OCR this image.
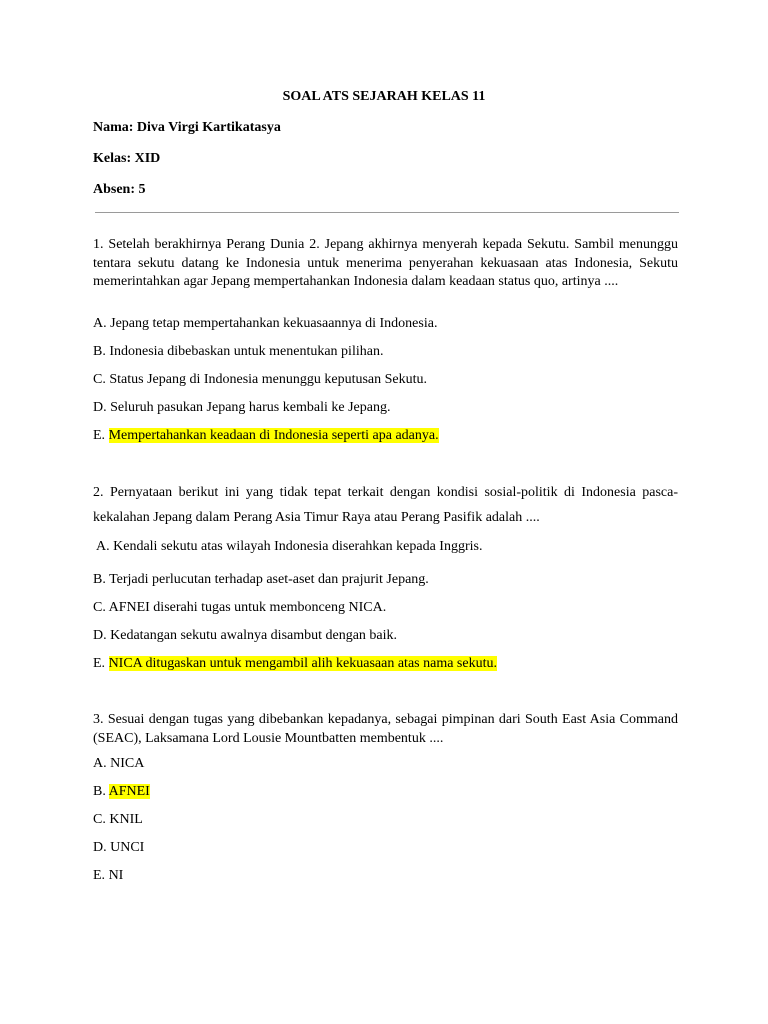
SOAL ATS SEJARAH KELAS 11
Nama: Diva Virgi Kartikatasya
Kelas: XID
Absen: 5
1. Setelah berakhirnya Perang Dunia 2. Jepang akhirnya menyerah kepada Sekutu. Sambil menunggu tentara sekutu datang ke Indonesia untuk menerima penyerahan kekuasaan atas Indonesia, Sekutu memerintahkan agar Jepang mempertahankan Indonesia dalam keadaan status quo, artinya ....
A. Jepang tetap mempertahankan kekuasaannya di Indonesia.
B. Indonesia dibebaskan untuk menentukan pilihan.
C. Status Jepang di Indonesia menunggu keputusan Sekutu.
D. Seluruh pasukan Jepang harus kembali ke Jepang.
E. Mempertahankan keadaan di Indonesia seperti apa adanya.
2. Pernyataan berikut ini yang tidak tepat terkait dengan kondisi sosial-politik di Indonesia pasca-kekalahan Jepang dalam Perang Asia Timur Raya atau Perang Pasifik adalah ....
A. Kendali sekutu atas wilayah Indonesia diserahkan kepada Inggris.
B. Terjadi perlucutan terhadap aset-aset dan prajurit Jepang.
C. AFNEI diserahi tugas untuk membonceng NICA.
D. Kedatangan sekutu awalnya disambut dengan baik.
E. NICA ditugaskan untuk mengambil alih kekuasaan atas nama sekutu.
3. Sesuai dengan tugas yang dibebankan kepadanya, sebagai pimpinan dari South East Asia Command (SEAC), Laksamana Lord Lousie Mountbatten membentuk ....
A. NICA
B. AFNEI
C. KNIL
D. UNCI
E. NI
